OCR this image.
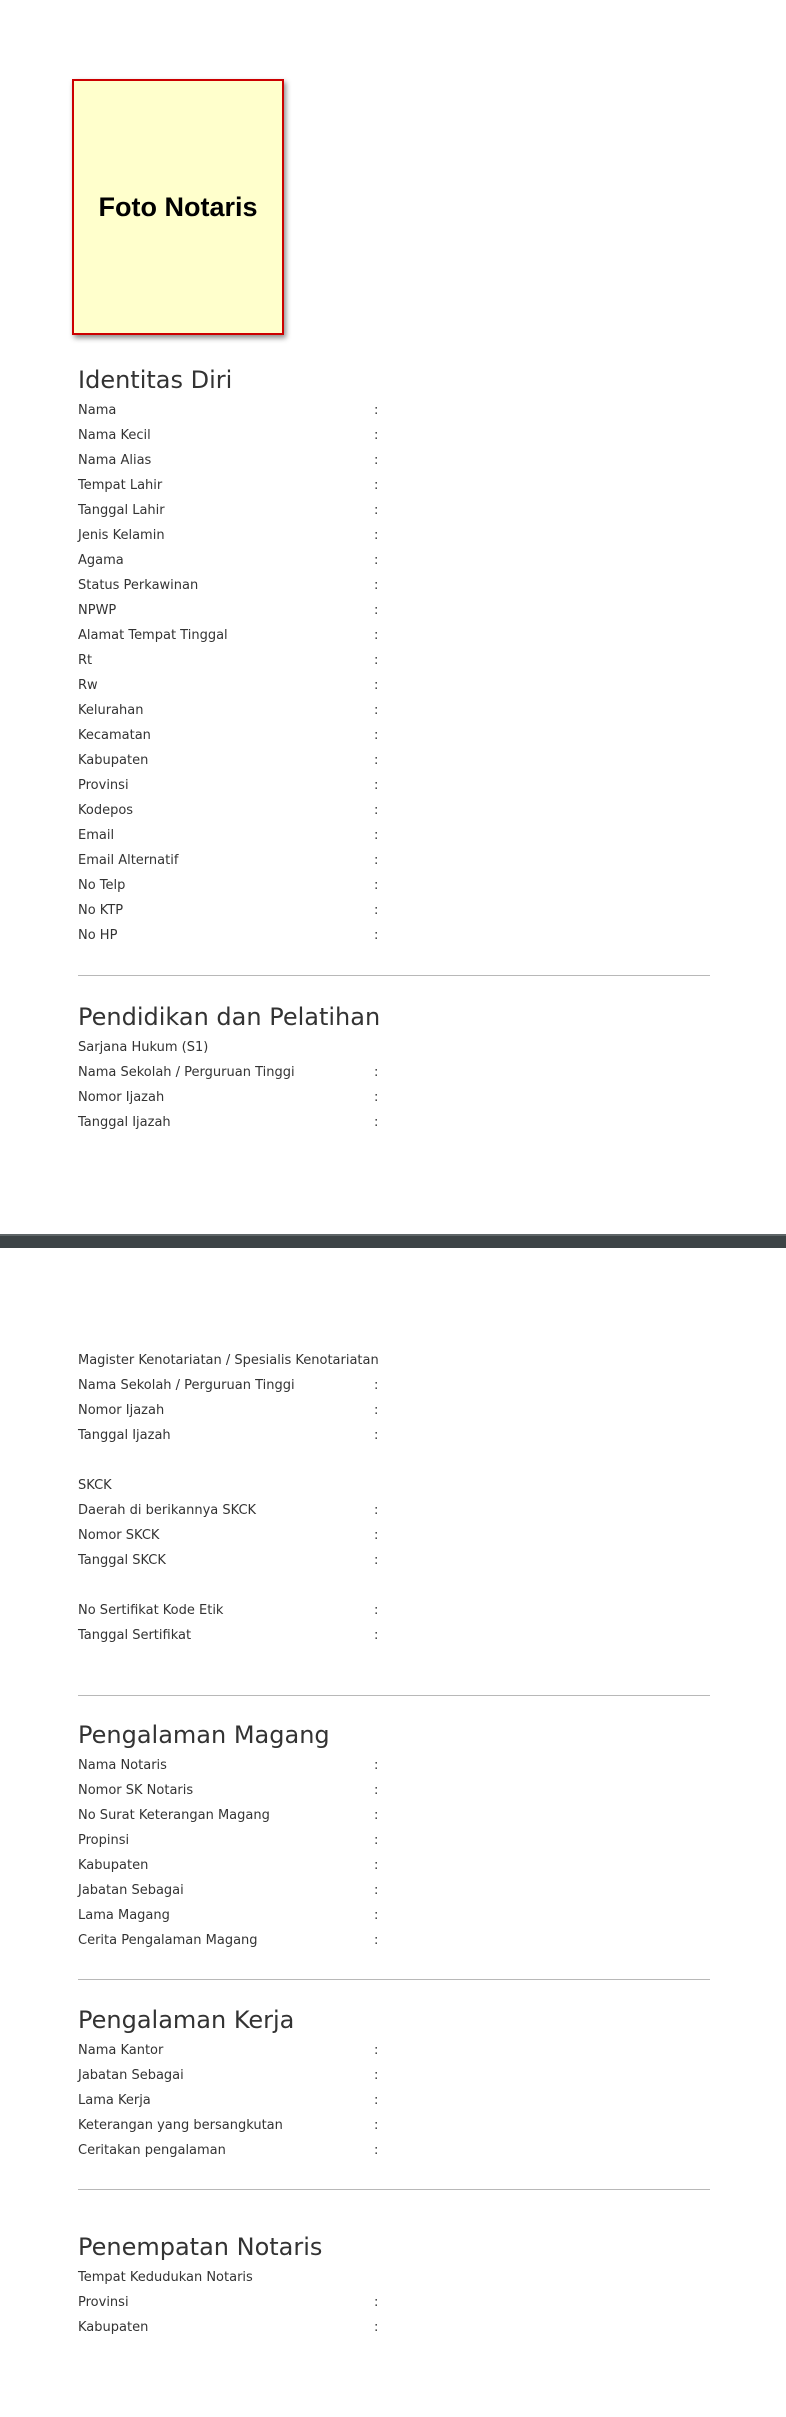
Foto Notaris
Identitas Diri
Nama	:
Nama Kecil	:
Nama Alias	:
Tempat Lahir	:
Tanggal Lahir	:
Jenis Kelamin	:
Agama	:
Status Perkawinan	:
NPWP	:
Alamat Tempat Tinggal	:
Rt	:
Rw	:
Kelurahan	:
Kecamatan	:
Kabupaten	:
Provinsi	:
Kodepos	:
Email	:
Email Alternatif	:
No Telp	:
No KTP	:
No HP	:
Pendidikan dan Pelatihan
Sarjana Hukum (S1)
Nama Sekolah / Perguruan Tinggi	:
Nomor Ijazah	:
Tanggal Ijazah	:
Magister Kenotariatan / Spesialis Kenotariatan
Nama Sekolah / Perguruan Tinggi	:
Nomor Ijazah	:
Tanggal Ijazah	:
SKCK
Daerah di berikannya SKCK	:
Nomor SKCK	:
Tanggal SKCK	:
No Sertifikat Kode Etik	:
Tanggal Sertifikat	:
Pengalaman Magang
Nama Notaris	:
Nomor SK Notaris	:
No Surat Keterangan Magang	:
Propinsi	:
Kabupaten	:
Jabatan Sebagai	:
Lama Magang	:
Cerita Pengalaman Magang	:
Pengalaman Kerja
Nama Kantor	:
Jabatan Sebagai	:
Lama Kerja	:
Keterangan yang bersangkutan	:
Ceritakan pengalaman	:
Penempatan Notaris
Tempat Kedudukan Notaris
Provinsi	:
Kabupaten	:
